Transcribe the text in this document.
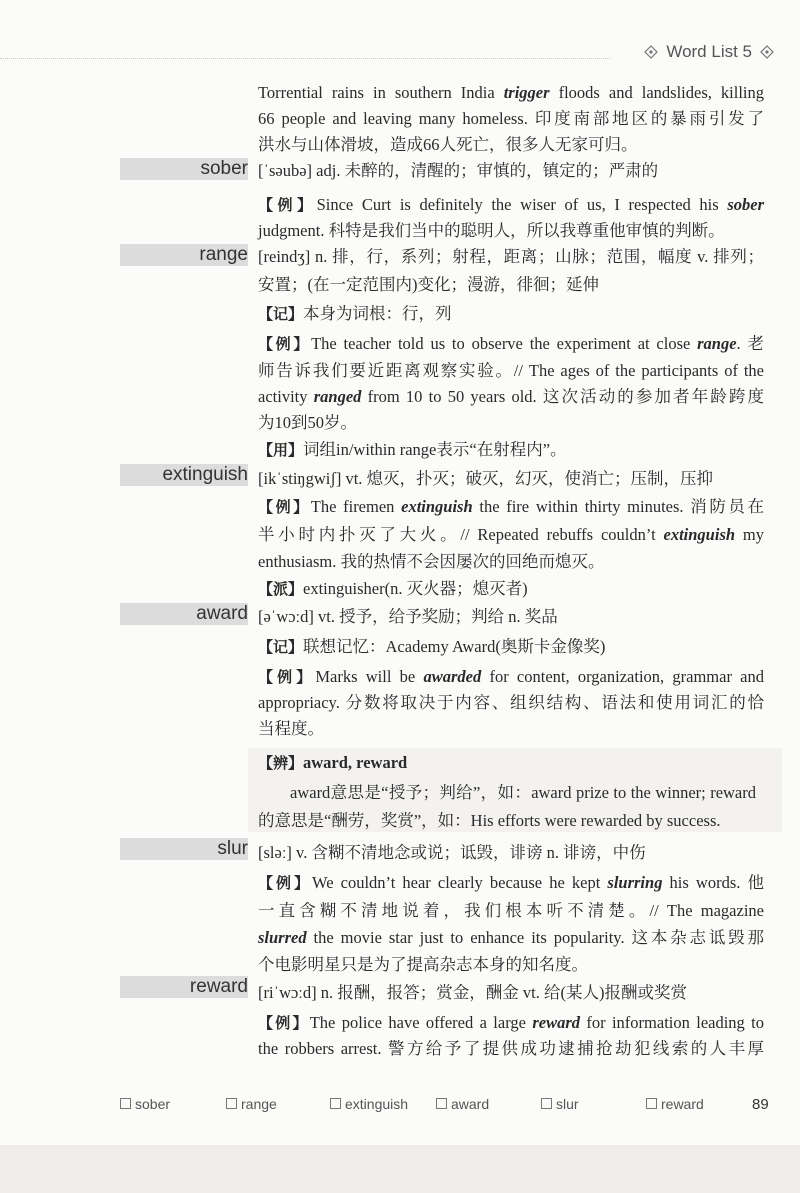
Word List 5
Torrential rains in southern India trigger floods and landslides, killing
66 people and leaving many homeless. 印度南部地区的暴雨引发了
洪水与山体滑坡，造成66人死亡，很多人无家可归。
sober [ˈsəubə] adj. 未醉的，清醒的；审慎的，镇定的；严肃的
【例】Since Curt is definitely the wiser of us, I respected his sober
judgment. 科特是我们当中的聪明人，所以我尊重他审慎的判断。
range [reindʒ] n. 排，行，系列；射程，距离；山脉；范围，幅度 v. 排列；
安置；(在一定范围内)变化；漫游，徘徊；延伸
【记】本身为词根：行，列
【例】The teacher told us to observe the experiment at close range. 老
师告诉我们要近距离观察实验。// The ages of the participants of the
activity ranged from 10 to 50 years old. 这次活动的参加者年龄跨度
为10到50岁。
【用】词组in/within range表示“在射程内”。
extinguish [ikˈstiŋgwiʃ] vt. 熄灭，扑灭；破灭，幻灭，使消亡；压制，压抑
【例】The firemen extinguish the fire within thirty minutes. 消防员在
半小时内扑灭了大火。// Repeated rebuffs couldn’t extinguish my
enthusiasm. 我的热情不会因屡次的回绝而熄灭。
【派】extinguisher(n. 灭火器；熄灭者)
award [əˈwɔːd] vt. 授予，给予奖励；判给 n. 奖品
【记】联想记忆：Academy Award(奥斯卡金像奖)
【例】Marks will be awarded for content, organization, grammar and
appropriacy. 分数将取决于内容、组织结构、语法和使用词汇的恰
当程度。
【辨】award, reward
award意思是“授予；判给”，如：award prize to the winner; reward
的意思是“酬劳，奖赏”，如：His efforts were rewarded by success.
slur [sləː] v. 含糊不清地念或说；诋毁，诽谤 n. 诽谤，中伤
【例】We couldn’t hear clearly because he kept slurring his words. 他
一直含糊不清地说着，我们根本听不清楚。// The magazine
slurred the movie star just to enhance its popularity. 这本杂志诋毁那
个电影明星只是为了提高杂志本身的知名度。
reward [riˈwɔːd] n. 报酬，报答；赏金，酬金 vt. 给(某人)报酬或奖赏
【例】The police have offered a large reward for information leading to
the robbers arrest. 警方给予了提供成功逮捕抢劫犯线索的人丰厚
sober	range	extinguish	award	slur	reward	89
